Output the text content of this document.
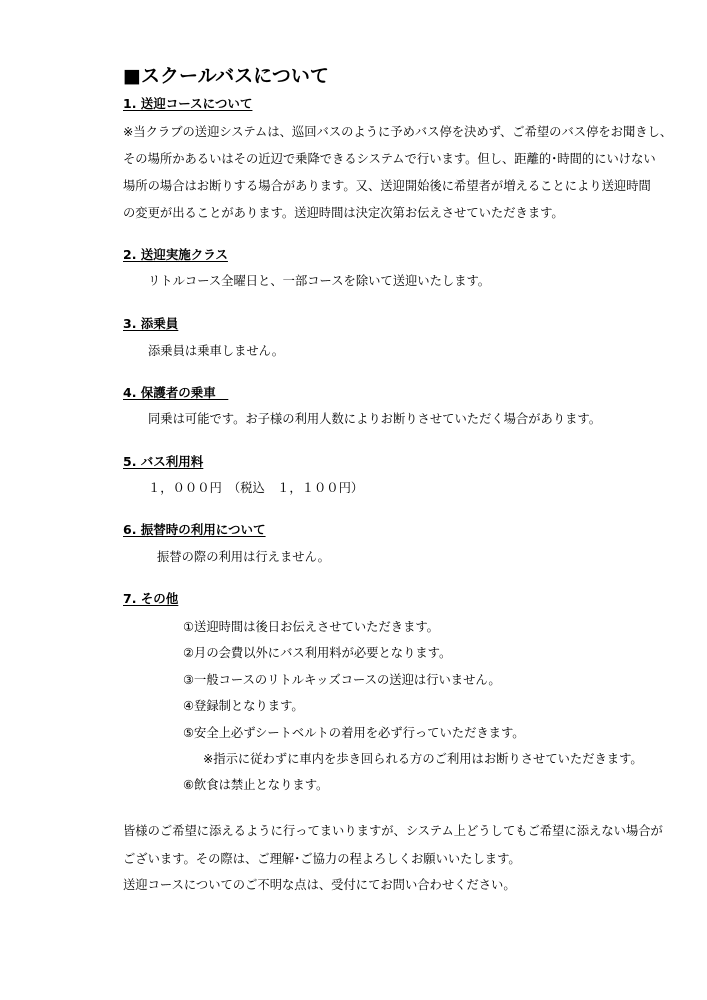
■スクールバスについて
1. 送迎コースについて
※当クラブの送迎システムは、巡回バスのように予めバス停を決めず、ご希望のバス停をお聞きし、
その場所かあるいはその近辺で乗降できるシステムで行います。但し、距離的･時間的にいけない
場所の場合はお断りする場合があります。又、送迎開始後に希望者が増えることにより送迎時間
の変更が出ることがあります。送迎時間は決定次第お伝えさせていただきます。
2. 送迎実施クラス
リトルコース全曜日と、一部コースを除いて送迎いたします。
3. 添乗員
添乗員は乗車しません。
4. 保護者の乗車　
同乗は可能です。お子様の利用人数によりお断りさせていただく場合があります。
5. バス利用料
１，０００円　（税込　１，１００円）
6. 振替時の利用について
振替の際の利用は行えません。
7. その他
①送迎時間は後日お伝えさせていただきます。
②月の会費以外にバス利用料が必要となります。
③一般コースのリトルキッズコースの送迎は行いません。
④登録制となります。
⑤安全上必ずシートベルトの着用を必ず行っていただきます。
※指示に従わずに車内を歩き回られる方のご利用はお断りさせていただきます。
⑥飲食は禁止となります。
皆様のご希望に添えるように行ってまいりますが、システム上どうしてもご希望に添えない場合が
ございます。その際は、ご理解･ご協力の程よろしくお願いいたします。
送迎コースについてのご不明な点は、受付にてお問い合わせください。
